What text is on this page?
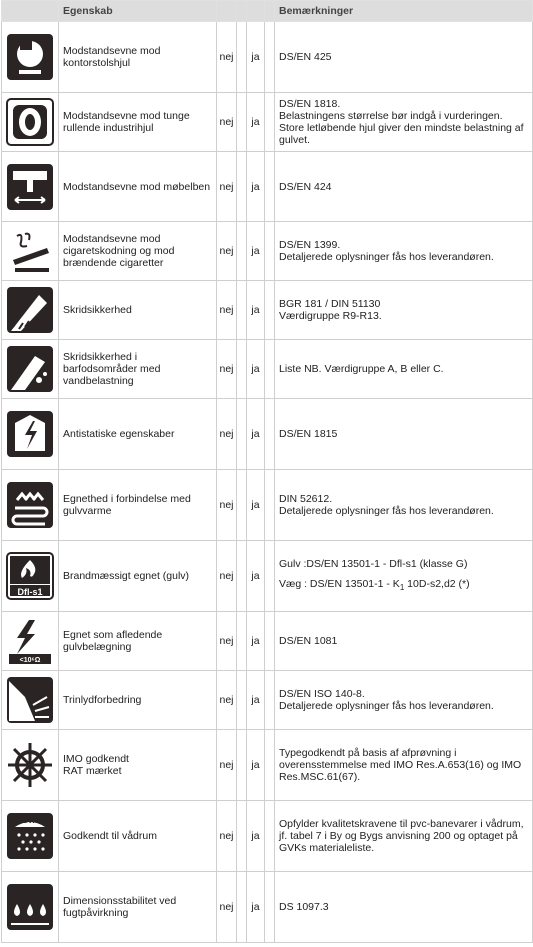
	Egenskab					Bemærkninger

	Modstandsevne mod kontorstolshjul	nej		ja		DS/EN 425

	Modstandsevne mod tunge rullende industrihjul	nej		ja		DS/EN 1818.
Belastningens størrelse bør indgå i vurderingen.
Store letløbende hjul giver den mindste belastning af gulvet.

	Modstandsevne mod møbelben	nej		ja		DS/EN 424

	Modstandsevne mod cigaretskodning og mod brændende cigaretter	nej		ja		DS/EN 1399.
Detaljerede oplysninger fås hos leverandøren.

	Skridsikkerhed	nej		ja		BGR 181 / DIN 51130
Værdigruppe R9-R13.

	Skridsikkerhed i barfodsområder med vandbelastning	nej		ja		Liste NB. Værdigruppe A, B eller C.

	Antistatiske egenskaber	nej		ja		DS/EN 1815

	Egnethed i forbindelse med gulvvarme	nej		ja		DIN 52612.
Detaljerede oplysninger fås hos leverandøren.

Dfl-s1	Brandmæssigt egnet (gulv)	nej		ja		Gulv :DS/EN 13501-1 - Dfl-s1 (klasse G)
Væg : DS/EN $13501-1 - K_1$ 10D-s2,d2 (*)

<10⁶Ω	Egnet som afledende gulvbelægning	nej		ja		DS/EN 1081

	Trinlydforbedring	nej		ja		DS/EN ISO 140-8.
Detaljerede oplysninger fås hos leverandøren.

IMO godkendt
RAT mærket	nej		ja		Typegodkendt på basis af afprøvning i overensstemmelse med IMO Res.A.653(16) og IMO Res.MSC.61(67).

GVK	Godkendt til vådrum	nej		ja		Opfylder kvalitetskravene til pvc-banevarer i vådrum, jf. tabel 7 i By og Bygs anvisning 200 og optaget på GVKs materialeliste.

	Dimensionsstabilitet ved fugtpåvirkning	nej		ja		DS 1097.3
